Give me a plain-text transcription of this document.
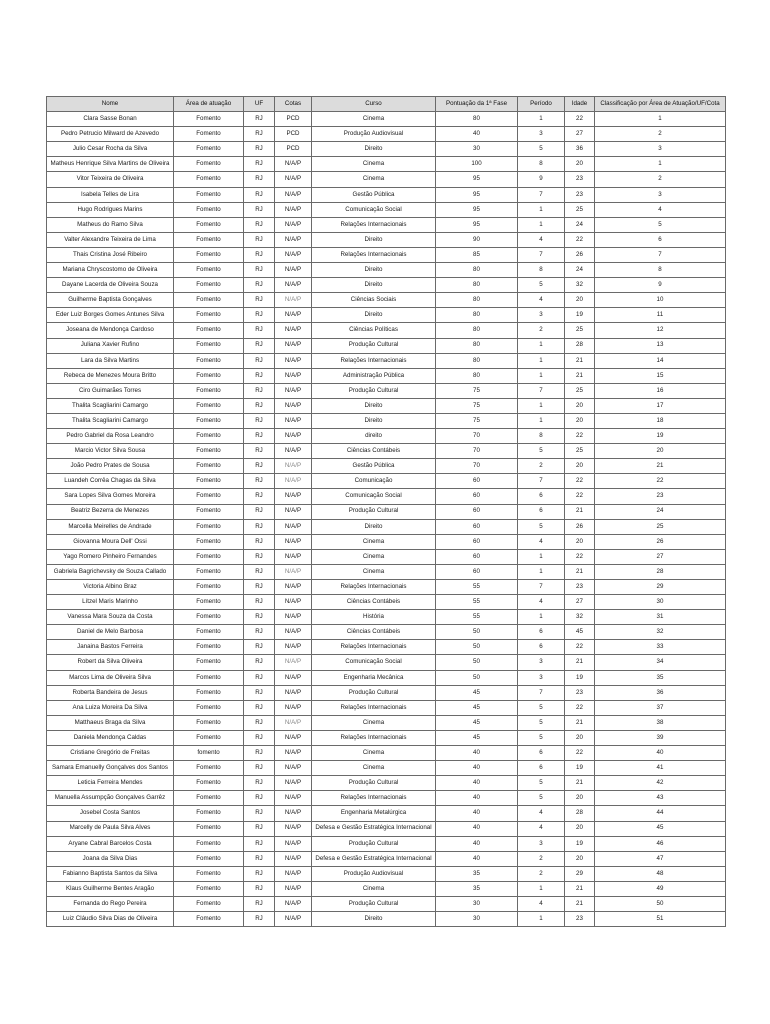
Nome	Área de atuação	UF	Cotas	Curso	Pontuação da 1ª Fase	Período	Idade	Classificação por Área de Atuação/UF/Cota
Clara Sasse Bonan	Fomento	RJ	PCD	Cinema	80	1	22	1
Pedro Petrucio Milward de Azevedo	Fomento	RJ	PCD	Produção Audiovisual	40	3	27	2
Julio Cesar Rocha da Silva	Fomento	RJ	PCD	Direito	30	5	36	3
Matheus Henrique Silva Martins de Oliveira	Fomento	RJ	N/A/P	Cinema	100	8	20	1
Vitor Teixeira de Oliveira	Fomento	RJ	N/A/P	Cinema	95	9	23	2
Isabela Telles de Lira	Fomento	RJ	N/A/P	Gestão Pública	95	7	23	3
Hugo Rodrigues Marins	Fomento	RJ	N/A/P	Comunicação Social	95	1	25	4
Matheus do Ramo Silva	Fomento	RJ	N/A/P	Relações Internacionais	95	1	24	5
Valter Alexandre Teixeira de Lima	Fomento	RJ	N/A/P	Direito	90	4	22	6
Thais Cristina José Ribeiro	Fomento	RJ	N/A/P	Relações Internacionais	85	7	26	7
Mariana Chryscostomo de Oliveira	Fomento	RJ	N/A/P	Direito	80	8	24	8
Dayane Lacerda de Oliveira Souza	Fomento	RJ	N/A/P	Direito	80	5	32	9
Guilherme Baptista Gonçalves	Fomento	RJ	N/A/P	Ciências Sociais	80	4	20	10
Eder Luiz Borges Gomes Antunes Silva	Fomento	RJ	N/A/P	Direito	80	3	19	11
Joseana de Mendonça Cardoso	Fomento	RJ	N/A/P	Ciências Políticas	80	2	25	12
Juliana Xavier Rufino	Fomento	RJ	N/A/P	Produção Cultural	80	1	28	13
Lara da Silva Martins	Fomento	RJ	N/A/P	Relações Internacionais	80	1	21	14
Rebeca de Menezes Moura Britto	Fomento	RJ	N/A/P	Administração Pública	80	1	21	15
Ciro Guimarães Torres	Fomento	RJ	N/A/P	Produção Cultural	75	7	25	16
Thalita Scagliarini Camargo	Fomento	RJ	N/A/P	Direito	75	1	20	17
Thalita Scagliarini Camargo	Fomento	RJ	N/A/P	Direito	75	1	20	18
Pedro Gabriel da Rosa Leandro	Fomento	RJ	N/A/P	direito	70	8	22	19
Marcio Victor Silva Sousa	Fomento	RJ	N/A/P	Ciências Contábeis	70	5	25	20
João Pedro Prates de Sousa	Fomento	RJ	N/A/P	Gestão Pública	70	2	20	21
Luandeh Corrêa Chagas da Silva	Fomento	RJ	N/A/P	Comunicação	60	7	22	22
Sara Lopes Silva Gomes Moreira	Fomento	RJ	N/A/P	Comunicação Social	60	6	22	23
Beatriz Bezerra de Menezes	Fomento	RJ	N/A/P	Produção Cultural	60	6	21	24
Marcella Meirelles de Andrade	Fomento	RJ	N/A/P	Direito	60	5	26	25
Giovanna Moura Dell' Ossi	Fomento	RJ	N/A/P	Cinema	60	4	20	26
Yago Romero Pinheiro Fernandes	Fomento	RJ	N/A/P	Cinema	60	1	22	27
Gabriela Bagrichevsky de Souza Callado	Fomento	RJ	N/A/P	Cinema	60	1	21	28
Victoria Albino Braz	Fomento	RJ	N/A/P	Relações Internacionais	55	7	23	29
Lítzel Maris Marinho	Fomento	RJ	N/A/P	Ciências Contábeis	55	4	27	30
Vanessa Mara Souza da Costa	Fomento	RJ	N/A/P	História	55	1	32	31
Daniel de Melo Barbosa	Fomento	RJ	N/A/P	Ciências Contábeis	50	6	45	32
Janaina Bastos Ferreira	Fomento	RJ	N/A/P	Relações Internacionais	50	6	22	33
Robert da Silva Oliveira	Fomento	RJ	N/A/P	Comunicação Social	50	3	21	34
Marcos Lima de Oliveira Silva	Fomento	RJ	N/A/P	Engenharia Mecânica	50	3	19	35
Roberta Bandeira de Jesus	Fomento	RJ	N/A/P	Produção Cultural	45	7	23	36
Ana Luiza Moreira Da Silva	Fomento	RJ	N/A/P	Relações Internacionais	45	5	22	37
Matthaeus Braga da Silva	Fomento	RJ	N/A/P	Cinema	45	5	21	38
Daniela Mendonça Caldas	Fomento	RJ	N/A/P	Relações Internacionais	45	5	20	39
Cristiane Gregório de Freitas	fomento	RJ	N/A/P	Cinema	40	6	22	40
Samara Emanuelly Gonçalves dos Santos	Fomento	RJ	N/A/P	Cinema	40	6	19	41
Leticia Ferreira Mendes	Fomento	RJ	N/A/P	Produção Cultural	40	5	21	42
Manuella Assumpção Gonçalves Garrêz	Fomento	RJ	N/A/P	Relações Internacionais	40	5	20	43
Josebel Costa Santos	Fomento	RJ	N/A/P	Engenharia Metalúrgica	40	4	28	44
Marcelly de Paula Silva Alves	Fomento	RJ	N/A/P	Defesa e Gestão Estratégica Internacional	40	4	20	45
Aryane Cabral Barcelos Costa	Fomento	RJ	N/A/P	Produção Cultural	40	3	19	46
Joana da Silva Dias	Fomento	RJ	N/A/P	Defesa e Gestão Estratégica Internacional	40	2	20	47
Fabianno Baptista Santos da Silva	Fomento	RJ	N/A/P	Produção Audiovisual	35	2	29	48
Klaus Guilherme Bentes Aragão	Fomento	RJ	N/A/P	Cinema	35	1	21	49
Fernanda do Rego Pereira	Fomento	RJ	N/A/P	Produção Cultural	30	4	21	50
Luiz Cláudio Silva Dias de Oliveira	Fomento	RJ	N/A/P	Direito	30	1	23	51
